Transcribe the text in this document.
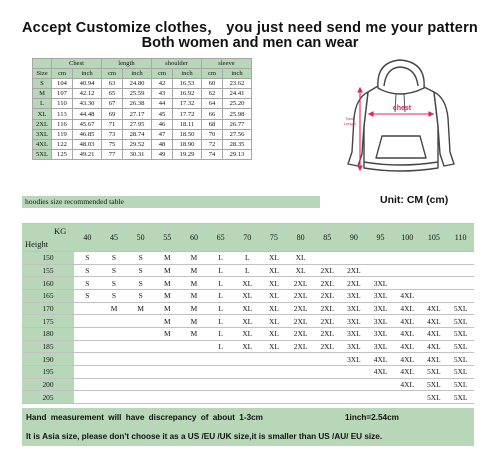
Accept Customize clothes， you just need send me your pattern
Both women and men can wear
	Chest		length		shoulder		sleeve	
Size	cm	inch	cm	inch	cm	inch	cm	inch
S	104	40.94	63	24.80	42	16.53	60	23.62
M	107	42.12	65	25.59	43	16.92	62	24.41
L	110	43.30	67	26.38	44	17.32	64	25.20
XL	113	44.48	69	27.17	45	17.72	66	25.98
2XL	116	45.67	71	27.95	46	18.11	68	26.77
3XL	119	46.85	73	28.74	47	18.50	70	27.56
4XL	122	48.03	75	29.52	48	18.90	72	28.35
5XL	125	49.21	77	30.31	49	19.29	74	29.13
chest
Total Length
hoodies size recommended table	Unit: CM (cm)
KG
Height	40	45	50	55	60	65	70	75	80	85	90	95	100	105	110
150	S	S	S	M	M	L	L	XL	XL						
155	S	S	S	M	M	L	L	XL	XL	2XL	2XL				
160	S	S	S	M	M	L	XL	XL	2XL	2XL	2XL	3XL			
165	S	S	S	M	M	L	XL	XL	2XL	2XL	3XL	3XL	4XL		
170		M	M	M	M	L	XL	XL	2XL	2XL	3XL	3XL	4XL	4XL	5XL
175				M	M	L	XL	XL	2XL	2XL	3XL	3XL	4XL	4XL	5XL
180				M	M	L	XL	XL	2XL	2XL	3XL	3XL	4XL	4XL	5XL
185						L	XL	XL	2XL	2XL	3XL	3XL	4XL	4XL	5XL
190											3XL	4XL	4XL	4XL	5XL
195												4XL	4XL	5XL	5XL
200													4XL	5XL	5XL
205														5XL	5XL
Hand measurement will have discrepancy of about 1-3cm	1inch=2.54cm
It is Asia size, please don't choose it as a US /EU /UK size,it is smaller than US /AU/ EU size.
